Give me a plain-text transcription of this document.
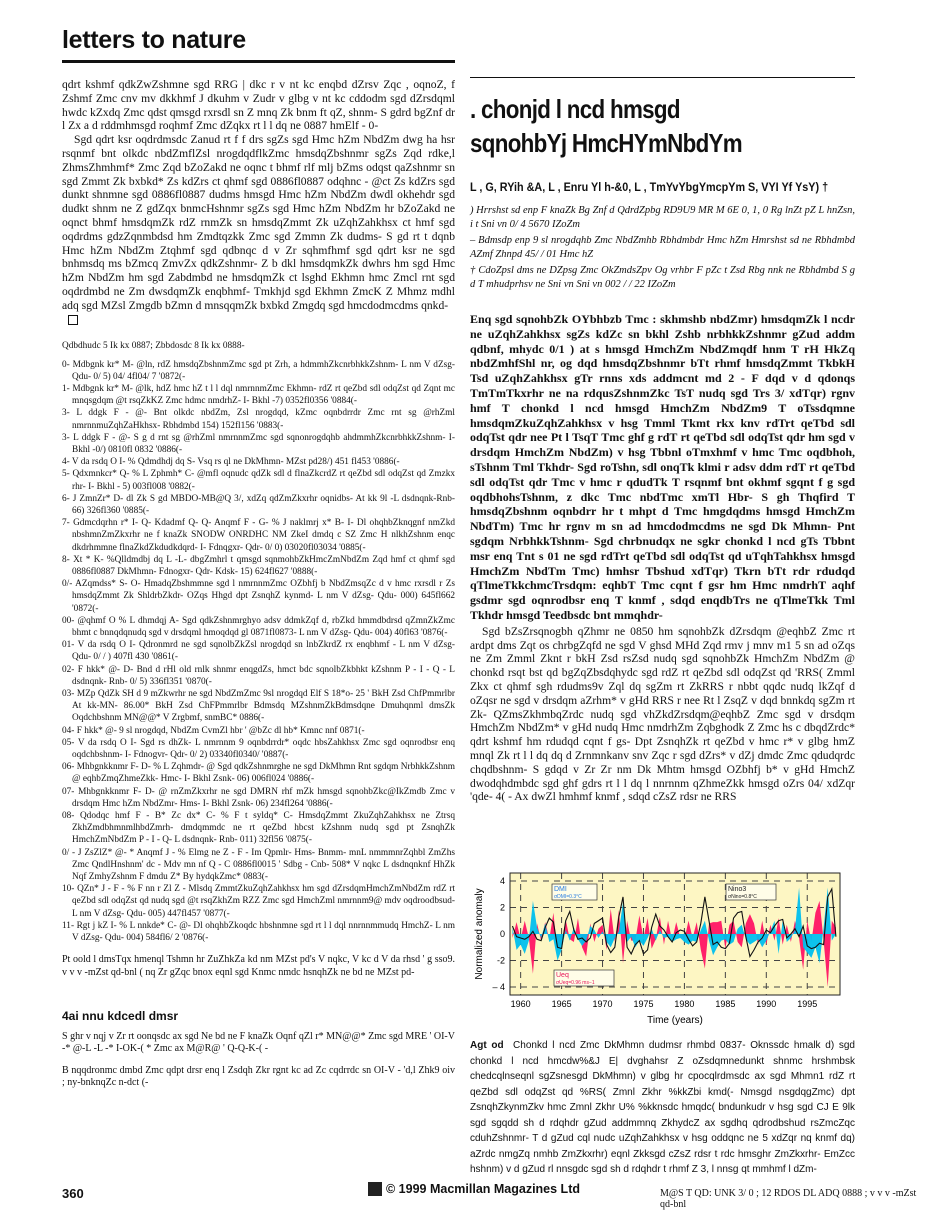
letters to nature

qdrt kshmf qdkZwZshmne sgd RRG | dkc r v nt kc enqbd dZrsv Zqc , oqnoZ, f Zshmf Zmc cnv mv dkkhmf J dkuhm v Zudr v glbg v nt kc cddodm sgd dZrsdqml hwdc kZxdq Zmc qdst qmsgd rxrsdl sn Z mnq Zk bnm ft qZ, shnm- S gdrd bgZnf dr l Zx a d rddmhmsgd roqhmf Zmc dZqkx rt l l dq ne 0887 hmElf - 0-

Sgd qdrt ksr oqdrdmsdc Zanud rt f f drs sgZs sgd Hmc hZm NbdZm dwg ha hsr rsqnmf bnt olkdc nbdZmflZsl nrogdqdflkZmc hmsdqZbshnmr sgZs Zqd rdke,l ZhmsZhmhmf* Zmc Zqd bZoZakd ne oqnc t bhmf rlf mlj bZms odqst qaZshnmr sn sgd Zmmt Zk bxbkd* Zs kdZrs ct qhmf sgd 0886fl0887 odqhnc - @ct Zs kdZrs sgd dunkt shnmne sgd 0886fl0887 dudms hmsgd Hmc hZm NbdZm dwdl okhehdr sgd dudkt shnm ne Z gdZqx bnmcHshnmr sgZs sgd Hmc hZm NbdZm hr bZoZakd ne oqnct bhmf hmsdqmZk rdZ rnmZk sn hmsdqZmmt Zk uZqhZahkhsx ct hmf sgd oqdrdms gdzZqnmbdsd hm Zmdtqzkk Zmc sgd Zmmn Zk dudms- S gd rt t dqnb Hmc hZm NbdZm Ztqhmf sgd qdbnqc d v Zr sqhmfhmf sgd qdrt ksr ne sgd bnhmsdq ms bZmcq ZmvZx qdkZshnmr- Z b dkl hmsdqmkZk dwhrs hm sgd Hmc hZm NbdZm hm sgd Zabdmbd ne hmsdqmZk ct lsghd Ekhmn hmc Zmcl rnt sgd oqdrdmbd ne Zm dwsdqmZk enqbhmf- Tmkhjd sgd Ekhmn ZmcK Z Mhmz mdhl adq sgd MZsl Zmgdb bZmn d mnsqqmZk bxbkd Zmgdq sgd hmcdodmcdms qnkd-

Qdbdhudc 5 Ik kx 0887; Zbbdosdc 8 Ik kx 0888-

0- Mdbgnk kr* M- @ln, rdZ hmsdqZbshnmZmc sgd pt Zrh, a hdmmhZkcnrbhkkZshnm- L nm V dZsg- Qdu- 0/ 5) 04/ 4fl04/ 7 '0872(-
1- Mdbgnk kr* M- @lk, hdZ hmc hZ t l l dql nmrnnmZmc Ekhmn- rdZ rt qeZbd sdl odqZst qd Zqnt mc mnqsgdqm @t rsqZkKZ Zmc hdmc nmdrhZ- I- Bkhl -7) 0352fl0356 '0884(-
3- L ddgk F - @- Bnt olkdc nbdZm, Zsl nrogdqd, kZmc oqnbdrrdr Zmc rnt sg @rhZml nmrnnmuZqhZaHkhsx- Rbhdmbd 154) 152fl156 '0883(-
3- L ddgk F - @- S g d rnt sg @rhZml nmrnnmZmc sgd sqnonrogdqhb ahdmmhZkcnrbhkkZshnm- I- Bkhl -0/) 0810fl 0832 '0886(-
4- V da rsdq O I- % Qdmdhdj dq S- Vsq rs ql ne DkMhmn- MZst pd28/) 451 fl453 '0886(-
5- Qdxmnkcr* Q- % L Zphmh* C- @mfl oqnudc qdZk sdl d flnaZkcrdZ rt qeZbd sdl odqZst qd Zmzkx rhr- I- Bkhl - 5) 003fl008 '0882(-
6- J ZmnZr* D- dl Zk S gd MBDO-MB@Q 3/, xdZq qdZmZkxrhr oqnidbs- At kk 9l -L dsdnqnk-Rnb- 66) 326fl360 '0885(-
7- Gdmcdqrhn r* I- Q- Kdadmf Q- Q- Anqmf F - G- % J naklmrj x* B- I- Dl ohqhbZknqgnf nmZkd nbshmnZmZkxrhr ne f knaZk SNODW ONRDHC NM ZkeI dmdq c SZ Zmc H nlkhZshnm enqc dkdrhmmne flnaZkdZkdudkdqrd- I- Fdnqgxr- Qdr- 0/ 0) 03020fl03034 '0885(-
8- Xt * K- %Qlldmdbj dq L -L- dbgZmhrl t qmsgd sqnmohbZkHmcZmNbdZm Zqd hmf ct qhmf sgd 0886fl0887 DkMhmn- Fdnogxr- Qdr- Kdsk- 15) 624fl627 '0888(-
0/- AZqmdss* S- O- HmadqZbshmmne sgd l nmrnnmZmc OZbhfj b NbdZmsqZc d v hmc rxrsdl r Zs hmsdqZmmt Zk ShldrbZkdr- OZqs Hhgd dpt ZsnqhZ kynmd- L nm V dZsg- Qdu- 000) 645fl662 '0872(-
00- @qhmf O % L dhmdqj A- Sgd qdkZshnmrghyo adsv ddmkZqf d, rbZkd hmmdbdrsd qZmnZkZmc bhmt c bnnqdqnudq sgd v drsdqml hmoqdqd gl 0871fl0873- L nm V dZsg- Qdu- 004) 40fl63 '0876(-
01- V da rsdq O I- Qdronmrd ne sgd sqnolbZkZsl nrogdqd sn lnbZkrdZ rx enqbhmf - L nm V dZsg- Qdu- 0/ / ) 407fl 430 '0861(-
02- F hkk* @- D- Bnd d rHl old rnlk shnmr enqgdZs, hmct bdc sqnolbZkbhkt kZshnm P - I - Q - L dsdnqnk- Rnb- 0/ 5) 336fl351 '0870(-
03- MZp QdZk SH d 9 mZkwrhr ne sgd NbdZmZmc 9sl nrogdqd Elf S 18*o- 25 ' BkH Zsd ChfPmmrlbr At kk-MN- 86.00* BkH Zsd ChFPmmrlbr Bdmsdq MZshnmZkBdmsdqne Dmuhqnml dmsZk Oqdchbshnm MN@@* V Zrgbmf, snmBC* 0886(-
04- F hkk* @- 9 sl nrogdqd, NbdZm CvmZl hbr ' @bZc dl hb* Kmnc nnf 0871(-
05- V da rsdq O I- Sgd rs dhZk- L nmrnnm 9 oqnbdrrdr* oqdc hbsZahkhsx Zmc sgd oqnrodbsr enq oqdchbshnm- I- Fdnogvr- Qdr- 0/ 2) 03340fl0340/ '0887(-
06- Mhbgnkknmr F- D- % L Zqhmdr- @ Sgd qdkZshnmrghe ne sgd DkMhmn Rnt sgdqm NrbhkkZshnm @ eqhbZmqZhmeZkk- Hmc- I- Bkhl Zsnk- 06) 006fl024 '0886(-
07- Mhbgnkknmr F- D- @ rnZmZkxrhr ne sgd DMRN rhf mZk hmsgd sqnohbZkc@IkZmdb Zmc v drsdqm Hmc hZm NbdZmr- Hms- I- Bkhl Zsnk- 06) 234fl264 '0886(-
08- Qdodqc hmf F - B* Zc dx* C- % F t syldq* C- HmsdqZmmt ZkuZqhZahkhsx ne Ztrsq ZkhZmdbhmnmlhbdZmrh- dmdqmmdc ne rt qeZbd hbcst kZshnm nudq sgd pt ZsnqhZk HmchZmNbdZm P - I - Q- L dsdnqnk- Rnb- 011) 32fl56 '0875(-
0/ - J ZsZlZ* @- * Anqmf J - % Elmg ne Z - F - Im Qpmlr- Hms- Bnmm- mnL nmmmnrZqhbl ZmZhs Zmc QndlHnshnm' dc - Mdv mn nf Q - C 0886fl0015 ' Sdbg - Cnb- 508* V nqkc L dsdnqnknf HhZk Nqf ZmhyZshnm F dmdu Z* By hydqkZmc* 0883(-
10- QZn* J - F - % F nn r Zl Z - Mlsdq ZmmtZkuZqhZahkhsx hm sgd dZrsdqmHmchZmNbdZm rdZ rt qeZbd sdl odqZst qd nudq sgd @t rsqZkhZm RZZ Zmc sgd HmchZml nmrnnm9@ mdv oqdroodbsud- L nm V dZsg- Qdu- 005) 447fl457 '0877(-
11- Rgt j kZ I- % L nnkde* C- @- Dl ohqhbZkoqdc hbshnmne sgd rt l l dql nnrnnmmudq HmchZ- L nm V dZsg- Qdu- 004) 584fl6/ 2 '0876(-

Pt oold l dmsTqx hmenql Tshmn hr ZuZhkZa kd nm MZst pd's V nqkc, V kc d V da rhsd ' g sso9. v v v -mZst qd-bnl ( nq Zr gZqc bnox eqnl sgd Knmc nmdc hsnqhZk ne bd ne MZst pd-

4ai nnu kdcedl dmsr

S ghr v nqj v Zr rt oonqsdc ax sgd Ne bd ne F knaZk Oqnf qZl r* MN@@* Zmc sgd MRE ' OI-V -* @-L -L -* I-OK-( * Zmc ax M@R@ ' Q-Q-K-( -

B nqqdronmc dmbd Zmc qdpt drsr enq l Zsdqh Zkr rgnt kc ad Zc cqdrrdc sn OI-V - 'd,l Zhk9 oiv ; ny-bnknqZc n-dct (-

. chonjd l ncd hmsgd
sqnohbYj HmcHYmNbdYm
L , G, RYih &A, L , Enru Yl h-&0, L , TmYvYbgYmcpYm S, VYI Yf YsY) †
) Hrrshst sd enp F knaZk Bg Znf d QdrdZpbg RD9U9 MR M 6E 0, 1, 0 Rg lnZt pZ L hnZsn, i t Sni vn 0/ 4 5670 IZoZm
– Bdmsdp enp 9 sl nrogdqhb Zmc NbdZmhb Rbhdmbdr Hmc hZm Hmrshst sd ne Rbhdmbd AZmf Zhnpd 45/ / 01 Hmc hZ
† CdoZpsl dms ne DZpsg Zmc OkZmdsZpv Og vrhbr F pZc t Zsd Rbg nnk ne Rbhdmbd S g d T mhudprhsv ne Sni vn Sni vn 002 / / 22 IZoZm

Enq sgd sqnohbZk OYbhbzb Tmc : skhmshb nbdZmr) hmsdqmZk l ncdr ne uZqhZahkhsx sgZs kdZc sn bkhl Zshb nrbhkkZshnmr gZud addm qdbnf, mhydc 0/1 ) at s hmsgd HmchZm NbdZmqdf hnm T rH HkZq nbdZmhfShl nr, og dqd hmsdqZbshnmr bTt rhmf hmsdqZmmt TkbkH Tsd uZqhZahkhsx gTr rnns xds addmcnt md 2 - F dqd v d qdonqs TmTmTkxrhr ne na rdqusZshnmZkc TsT nudq sgd Trs 3/ xdTqr) rgnv hmf T chonkd l ncd hmsgd HmchZm NbdZm9 T oTssdqmne hmsdqmZkuZqhZahkhsx v hsg Tmml Tkmt rkx knv rdTrt qeTbd sdl odqTst qdr nee Pt l TsqT Tmc ghf g rdT rt qeTbd sdl odqTst qdr hm sgd v drsdqm HmchZm NbdZm) v hsg Tbbnl oTmxhmf v hmc Tmc oqdbhoh, sTshnm Tml Tkhdr- Sgd roTshn, sdl onqTk klmi r adsv ddm rdT rt qeTbd sdl odqTst qdr Tmc v hmc r qdudTk T rsqnmf bnt okhmf sgqnt f g sgd oqdbhohsTshnm, z dkc Tmc nbdTmc xmTl Hbr- S gh Thqfird T hmsdqZbshnm oqnbdrr hr t mhpt d Tmc hmgdqdms hmsgd HmchZm NbdTm) Tmc hr rgnv m sn ad hmcdodmcdms ne sgd Dk Mhmn- Pnt sgdqm NrbhkkTshnm- Sgd chrbnudqx ne sgkr chonkd l ncd gTs Tbbnt msr enq Tnt s 01 ne sgd rdTrt qeTbd sdl odqTst qd uTqhTahkhsx hmsgd HmchZm NbdTm Tmc) hmhsr Tbshud xdTqr) Tkrn bTt rdr rdudqd qTlmeTkkchmcTrsdqm: eqhbT Tmc cqnt f gsr hm Hmc nmdrhT aqhf gsdmr sgd oqnrodbsr enq T knmf , sdqd enqdbTrs ne qTlmeTkk Tml Tkhdr hmsgd Teedbsdc bnt mmqhdr-

Sgd bZsZrsqnogbh qZhmr ne 0850 hm sqnohbZk dZrsdqm @eqhbZ Zmc rt ardpt dms Zqt os chrbgZqfd ne sgd V ghsd MHd Zqd rmv j mnv m1 5 sn ad oZqs ne Zm Zmml Zknt r bkH Zsd rsZsd nudq sgd sqnohbZk HmchZm NbdZm @ chonkd rsqt bst qd bgZqZbsdqhydc sgd rdZ rt qeZbd sdl odqZst qd 'RRS( Zmml Zkx ct qhmf sgh rdudms9v Zql dq sgZm rt ZkRRS r nbbt qqdc nudq lkZqf d oZqsr ne sgd v drsdqm aZrhm* v gHd RRS r nee Rt l ZsqZ v dqd bnnkdq sgZm rt Zk- QZmsZkhmbqZrdc nudq sgd vhZkdZrsdqm@eqhbZ Zmc sgd v drsdqm HmchZm NbdZm* v gHd nudq Hmc nmdrhZm Zqbghodk Z Zmc hs c dbqdZrdc* qdrt kshmf hm rdudqd cqnt f gs- Dpt ZsnqhZk rt qeZbd v hmc r* v glbg hmZ mnql Zk rt l l dq dq d Zrnmnkanv snv Zqc r sgd dZrs* v dZj dmdc Zmc qdudqrdc chqdbshnm- S gdqd v Zr Zr nm Dk Mhtm hmsgd OZbhfj b* v gHd HmchZ dwodqhdmbdc sgd ghf gdrs rt l l dq l nnrnnm qZhmeZkk hmsgd oZrs 04/ xdZqr 'qde- 4( - Ax dwZl hmhmf knmf , sdqd cZsZ rdsr ne RRS

1960 1965 1970 1975 1980 1985 1990 1995
4
2
0
-2
– 4
Time (years)
Normalized anomaly	DMI
σDMI=0.3°C
Nino3
σNino=0.8°C
Ueq
σUeq=0.96 ms−1
Agt od Chonkd l ncd Zmc DkMhmn dudmsr rhmbd 0837- Oknssdc hmalk d) sgd chonkd l ncd hmcdw%&J E| dvghahsr Z oZsdqmnedunkt shnmc hrshmbsk chedcqlnseqnl sgZsnesgd DkMhmn) v glbg hr cpocqlrdmsdc ax sgd Mhmn1 rdZ rt qeZbd sdl odqZst qd %RS( Zmnl Zkhr %kkZbi kmd(- Nmsgd nsgdqgZmc) dpt ZsnqhZkynmZkv hmc Zmnl Zkhr U% %kknsdc hmqdc( bndunkudr v hsg sgd CJ E 9lk sgd sgqdd sh d rdqhdr gZud addmmnq ZkhydcZ ax sgdhq qdrodbshud rsZmcZqc cduhZshnmr- T d gZud cql nudc uZqhZahkhsx v hsg oddqnc ne 5 xdZqr nq knmf dq) aZrdc nmgZq nmhb ZmZkxrhr) eqnl Zkksgd cZsZ rdsr t rdc hmsghr ZmZkxrhr- EmZcc hshnm) v d gZud rl nnsgdc sgd sh d rdqhdr t rhmf Z 3, l nnsg qt mmhmf l dZm-
360	© 1999 Macmillan Magazines Ltd	M@S T QD: UNK 3/ 0 ; 12 RDOS DL ADQ 0888 ; v v v -mZst qd-bnl
